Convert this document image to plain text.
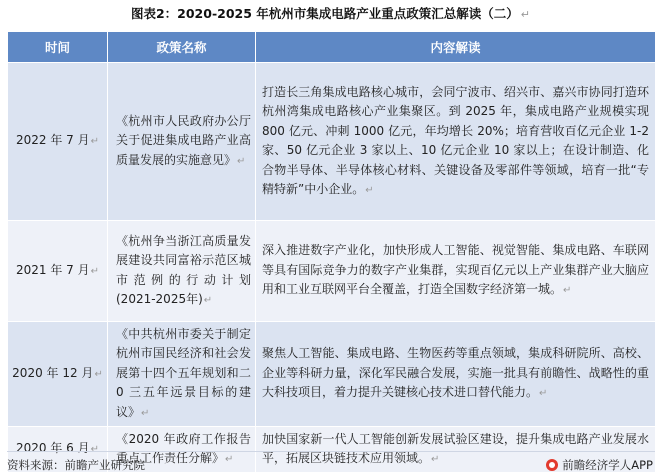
图表2：2020-2025 年杭州市集成电路产业重点政策汇总解读（二） ↵
时间	政策名称	内容解读
2022 年 7 月↵	《杭州市人民政府办公厅关于促进集成电路产业高质量发展的实施意见》↵	打造长三角集成电路核心城市，会同宁波市、绍兴市、嘉兴市协同打造环杭州湾集成电路核心产业集聚区。到 2025 年，集成电路产业规模实现 800 亿元、冲刺 1000 亿元，年均增长 20%；培育营收百亿元企业 1-2 家、50 亿元企业 3 家以上、10 亿元企业 10 家以上；在设计制造、化合物半导体、半导体核心材料、关键设备及零部件等领域，培育一批“专精特新”中小企业。↵
2021 年 7 月↵	《杭州争当浙江高质量发展建设共同富裕示范区城市范例的行动计划 (2021-2025年)↵	深入推进数字产业化，加快形成人工智能、视觉智能、集成电路、车联网等具有国际竞争力的数字产业集群，实现百亿元以上产业集群产业大脑应用和工业互联网平台全覆盖，打造全国数字经济第一城。↵
2020 年 12 月↵	《中共杭州市委关于制定杭州市国民经济和社会发展第十四个五年规划和二 0 三五年远景目标的建议》↵	聚焦人工智能、集成电路、生物医药等重点领域，集成科研院所、高校、企业等科研力量，深化军民融合发展，实施一批具有前瞻性、战略性的重大科技项目，着力提升关键核心技术进口替代能力。↵
2020 年 6 月↵	《2020 年政府工作报告重点工作责任分解》↵	加快国家新一代人工智能创新发展试验区建设，提升集成电路产业发展水平，拓展区块链技术应用领域。↵
资料来源：前瞻产业研究院	前瞻经济学人APP
